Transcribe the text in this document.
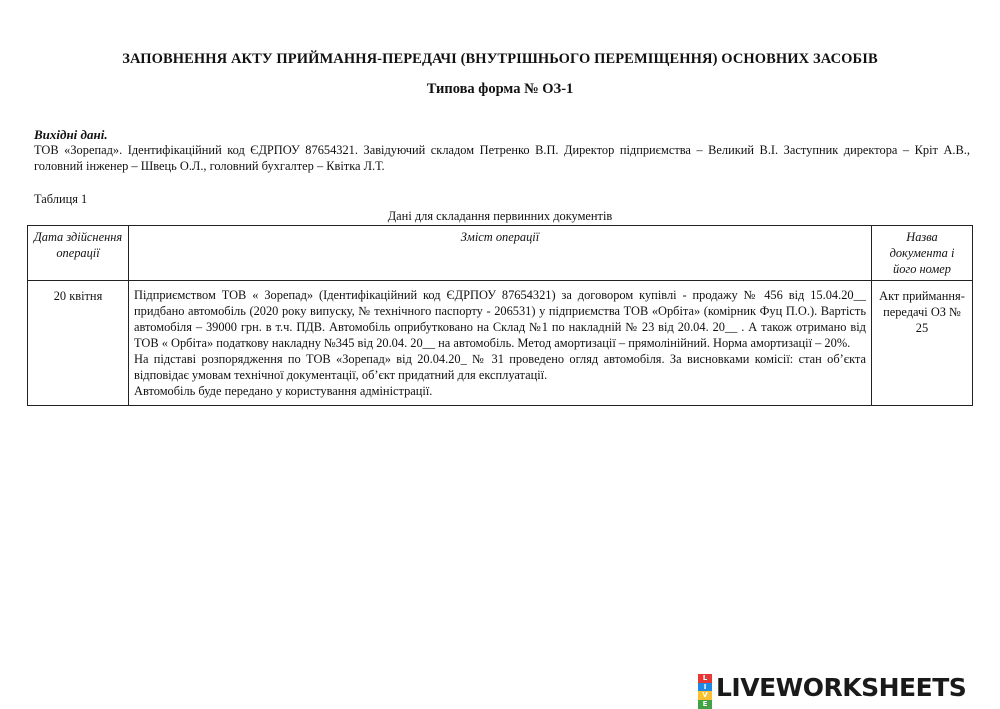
ЗАПОВНЕННЯ АКТУ ПРИЙМАННЯ-ПЕРЕДАЧІ (ВНУТРІШНЬОГО ПЕРЕМІЩЕННЯ) ОСНОВНИХ ЗАСОБІВ
Типова форма № ОЗ-1
Вихідні дані.
ТОВ «Зорепад». Ідентифікаційний код ЄДРПОУ 87654321. Завідуючий складом Петренко В.П. Директор підприємства – Великий В.І. Заступник директора – Кріт А.В., головний інженер – Швець О.Л., головний бухгалтер – Квітка Л.Т.
Таблиця 1
Дані для складання первинних документів
Дата здійснення операції	Зміст операції	Назва документа і його номер
20 квітня	Підприємством ТОВ « Зорепад» (Ідентифікаційний код ЄДРПОУ 87654321) за договором купівлі - продажу № 456 від 15.04.20__ придбано автомобіль (2020 року випуску, № технічного паспорту - 206531) у підприємства ТОВ «Орбіта» (комірник Фуц П.О.). Вартість автомобіля – 39000 грн. в т.ч. ПДВ. Автомобіль оприбутковано на Склад №1 по накладній № 23 від 20.04. 20__ . А також отримано від ТОВ « Орбіта» податкову накладну №345 від 20.04. 20__ на автомобіль. Метод амортизації – прямолінійний. Норма амортизації – 20%.
На підставі розпорядження по ТОВ «Зорепад» від 20.04.20_ № 31 проведено огляд автомобіля. За висновками комісії: стан об’єкта відповідає умовам технічної документації, об’єкт придатний для експлуатації.
Автомобіль буде передано у користування адміністрації.	Акт приймання-передачі ОЗ № 25
L
I
V
E
LIVEWORKSHEETS
